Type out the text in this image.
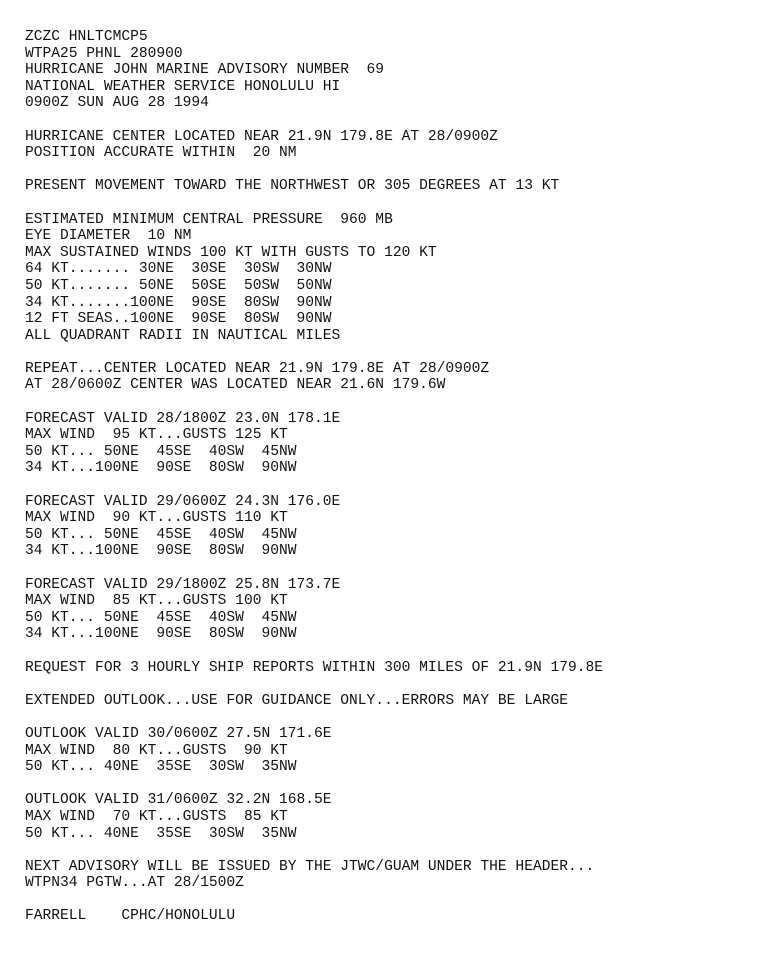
ZCZC HNLTCMCP5
WTPA25 PHNL 280900
HURRICANE JOHN MARINE ADVISORY NUMBER  69
NATIONAL WEATHER SERVICE HONOLULU HI
0900Z SUN AUG 28 1994
HURRICANE CENTER LOCATED NEAR 21.9N 179.8E AT 28/0900Z
POSITION ACCURATE WITHIN  20 NM
PRESENT MOVEMENT TOWARD THE NORTHWEST OR 305 DEGREES AT 13 KT
ESTIMATED MINIMUM CENTRAL PRESSURE  960 MB
EYE DIAMETER  10 NM
MAX SUSTAINED WINDS 100 KT WITH GUSTS TO 120 KT
64 KT....... 30NE  30SE  30SW  30NW
50 KT....... 50NE  50SE  50SW  50NW
34 KT.......100NE  90SE  80SW  90NW
12 FT SEAS..100NE  90SE  80SW  90NW
ALL QUADRANT RADII IN NAUTICAL MILES
REPEAT...CENTER LOCATED NEAR 21.9N 179.8E AT 28/0900Z
AT 28/0600Z CENTER WAS LOCATED NEAR 21.6N 179.6W
FORECAST VALID 28/1800Z 23.0N 178.1E
MAX WIND  95 KT...GUSTS 125 KT
50 KT... 50NE  45SE  40SW  45NW
34 KT...100NE  90SE  80SW  90NW
FORECAST VALID 29/0600Z 24.3N 176.0E
MAX WIND  90 KT...GUSTS 110 KT
50 KT... 50NE  45SE  40SW  45NW
34 KT...100NE  90SE  80SW  90NW
FORECAST VALID 29/1800Z 25.8N 173.7E
MAX WIND  85 KT...GUSTS 100 KT
50 KT... 50NE  45SE  40SW  45NW
34 KT...100NE  90SE  80SW  90NW
REQUEST FOR 3 HOURLY SHIP REPORTS WITHIN 300 MILES OF 21.9N 179.8E
EXTENDED OUTLOOK...USE FOR GUIDANCE ONLY...ERRORS MAY BE LARGE
OUTLOOK VALID 30/0600Z 27.5N 171.6E
MAX WIND  80 KT...GUSTS  90 KT
50 KT... 40NE  35SE  30SW  35NW
OUTLOOK VALID 31/0600Z 32.2N 168.5E
MAX WIND  70 KT...GUSTS  85 KT
50 KT... 40NE  35SE  30SW  35NW
NEXT ADVISORY WILL BE ISSUED BY THE JTWC/GUAM UNDER THE HEADER...
WTPN34 PGTW...AT 28/1500Z
FARRELL    CPHC/HONOLULU
